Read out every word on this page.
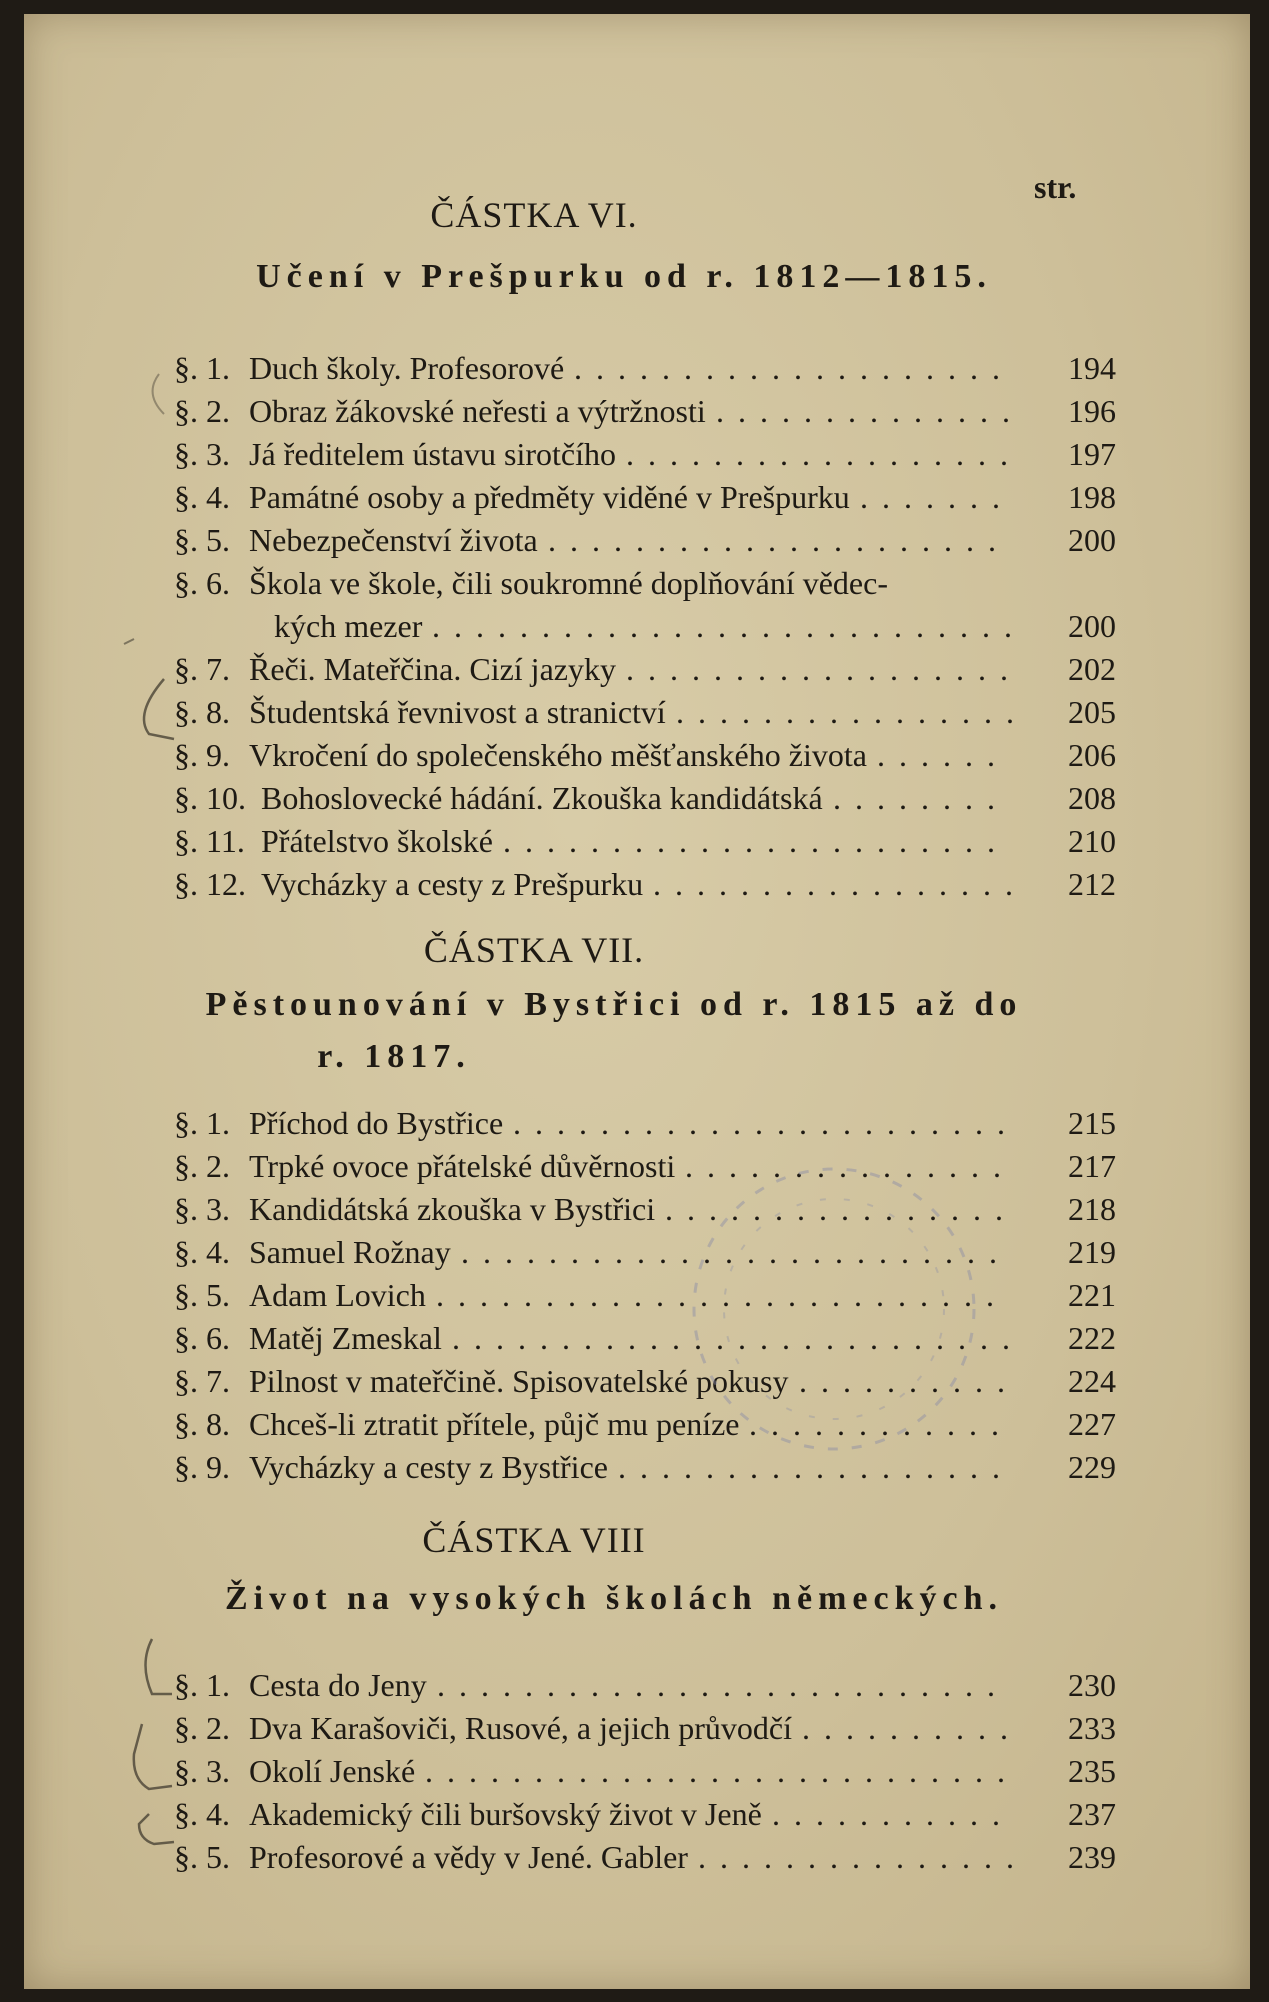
str.
ČÁSTKA VI.
Učení v Prešpurku od r. 1812—1815.
§. 1. Duch školy. Profesorové ....................	194
§. 2. Obraz žákovské neřesti a výtržnosti ..............	196
§. 3. Já ředitelem ústavu sirotčího ..................	197
§. 4. Památné osoby a předměty viděné v Prešpurku .......	198
§. 5. Nebezpečenství života .....................	200
§. 6. Škola ve škole, čili soukromné doplňování vědec-
kých mezer ...........................	200
§. 7. Řeči. Mateřčina. Cizí jazyky ..................	202
§. 8. Študentská řevnivost a stranictví ................	205
§. 9. Vkročení do společenského měšťanského života ......	206
§. 10. Bohoslovecké hádání. Zkouška kandidátská ........	208
§. 11. Přátelstvo školské .......................	210
§. 12. Vycházky a cesty z Prešpurku .................	212
ČÁSTKA VII.
Pěstounování v Bystřici od r. 1815 až do
r. 1817.
§. 1. Příchod do Bystřice .......................	215
§. 2. Trpké ovoce přátelské důvěrnosti ...............	217
§. 3. Kandidátská zkouška v Bystřici ................	218
§. 4. Samuel Rožnay .........................	219
§. 5. Adam Lovich ..........................	221
§. 6. Matěj Zmeskal ..........................	222
§. 7. Pilnost v mateřčině. Spisovatelské pokusy ..........	224
§. 8. Chceš-li ztratit přítele, půjč mu peníze ............	227
§. 9. Vycházky a cesty z Bystřice ..................	229
ČÁSTKA VIII
Život na vysokých školách německých.
§. 1. Cesta do Jeny ..........................	230
§. 2. Dva Karašoviči, Rusové, a jejich průvodčí ..........	233
§. 3. Okolí Jenské ...........................	235
§. 4. Akademický čili buršovský život v Jeně ...........	237
§. 5. Profesorové a vědy v Jené. Gabler ...............	239
